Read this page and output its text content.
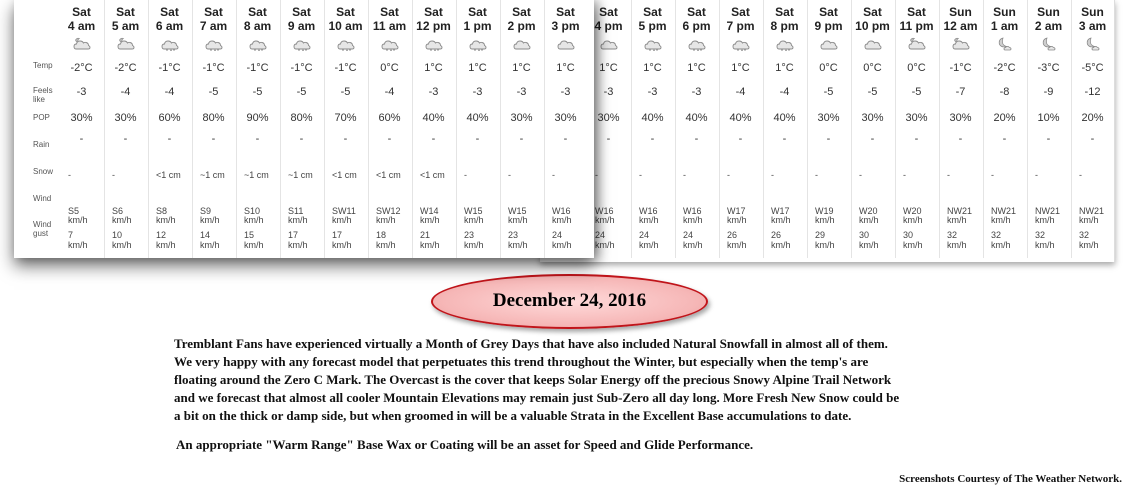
Sat
4 pm
1°C
-3
30%
-
-
W16
km/h
24
km/h
Sat
5 pm
1°C
-3
40%
-
-
W16
km/h
24
km/h
Sat
6 pm
1°C
-3
40%
-
-
W16
km/h
24
km/h
Sat
7 pm
1°C
-4
40%
-
-
W17
km/h
26
km/h
Sat
8 pm
1°C
-4
40%
-
-
W17
km/h
26
km/h
Sat
9 pm
0°C
-5
30%
-
-
W19
km/h
29
km/h
Sat
10 pm
0°C
-5
30%
-
-
W20
km/h
30
km/h
Sat
11 pm
0°C
-5
30%
-
-
W20
km/h
30
km/h
Sun
12 am
-1°C
-7
30%
-
-
NW21
km/h
32
km/h
Sun
1 am
-2°C
-8
20%
-
-
NW21
km/h
32
km/h
Sun
2 am
-3°C
-9
10%
-
-
NW21
km/h
32
km/h
Sun
3 am
-5°C
-12
20%
-
-
NW21
km/h
32
km/h
Temp
Feels like
POP
Rain
Snow
Wind
Wind gust
Sat
4 am
-2°C
-3
30%
-
-
S5
km/h
7
km/h
Sat
5 am
-2°C
-4
30%
-
-
S6
km/h
10
km/h
Sat
6 am
-1°C
-4
60%
-
<1 cm
S8
km/h
12
km/h
Sat
7 am
-1°C
-5
80%
-
~1 cm
S9
km/h
14
km/h
Sat
8 am
-1°C
-5
90%
-
~1 cm
S10
km/h
15
km/h
Sat
9 am
-1°C
-5
80%
-
~1 cm
S11
km/h
17
km/h
Sat
10 am
-1°C
-5
70%
-
<1 cm
SW11
km/h
17
km/h
Sat
11 am
0°C
-4
60%
-
<1 cm
SW12
km/h
18
km/h
Sat
12 pm
1°C
-3
40%
-
<1 cm
W14
km/h
21
km/h
Sat
1 pm
1°C
-3
40%
-
-
W15
km/h
23
km/h
Sat
2 pm
1°C
-3
30%
-
-
W15
km/h
23
km/h
Sat
3 pm
1°C
-3
30%
-
-
W16
km/h
24
km/h
December 24, 2016
Tremblant Fans have experienced virtually a Month of Grey Days that have also included Natural Snowfall in almost all of them.
We very happy with any forecast model that perpetuates this trend throughout the Winter, but especially when the temp's are
floating around the Zero C Mark. The Overcast is the cover that keeps Solar Energy off the precious Snowy Alpine Trail Network
and we forecast that almost all cooler Mountain Elevations may remain just Sub-Zero all day long. More Fresh New Snow could be
a bit on the thick or damp side, but when groomed in will be a valuable Strata in the Excellent Base accumulations to date.
An appropriate "Warm Range" Base Wax or Coating will be an asset for Speed and Glide Performance.
Screenshots Courtesy of The Weather Network.
